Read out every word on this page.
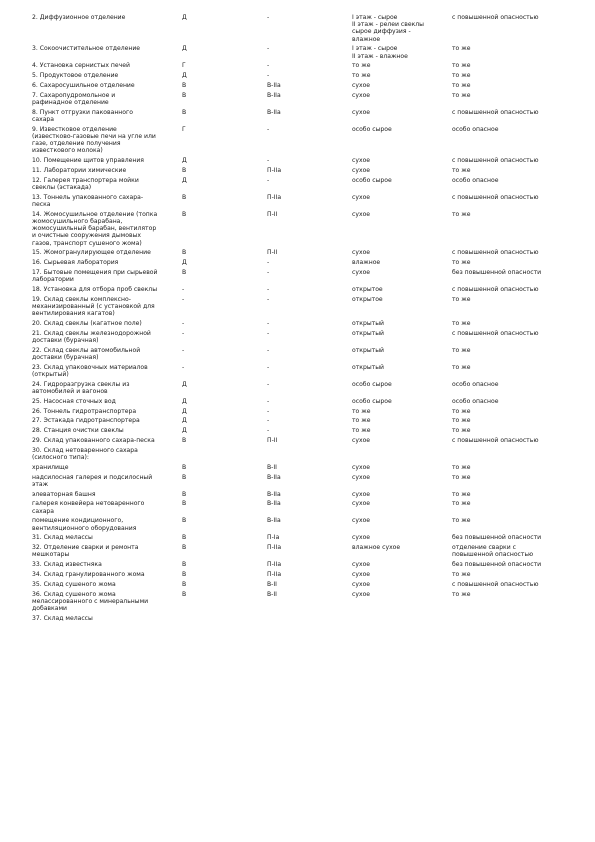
2. Диффузионное отделение	Д	-	I этаж - сырое
II этаж - релеи свеклы
сырое диффузия -
влажное	с повышенной опасностью

3. Сокоочистительное отделение	Д	-	I этаж - сырое
II этаж - влажное	то же

4. Установка сернистых печей	Г	-	то же	то же

5. Продуктовое отделение	Д	-	то же	то же

6. Сахаросушильное отделение	В	В-IIа	сухое	то же

7. Сахаропудромольное и
рафинадное отделение	В	В-IIа	сухое	то же

8. Пункт отгрузки пакованного
сахара	В	В-IIа	сухое	с повышенной опасностью

9. Известковое отделение
(известково-газовые печи на угле или
газе, отделение получения
известкового молока)	Г	-	особо сырое	особо опасное

10. Помещение щитов управления	Д	-	сухое	с повышенной опасностью

11. Лаборатории химические	В	П-IIа	сухое	то же

12. Галерея транспортера мойки
свеклы (эстакада)	Д	-	особо сырое	особо опасное

13. Тоннель упакованного сахара-
песка	В	П-IIа	сухое	с повышенной опасностью

14. Жомосушильное отделение (топка
жомосушильного барабана,
жомосушильный барабан, вентилятор
и очистные сооружения дымовых
газов, транспорт сушеного жома)	В	П-II	сухое	то же

15. Жомогранулирующее отделение	В	П-II	сухое	с повышенной опасностью

16. Сырьевая лаборатория	Д	-	влажное	то же

17. Бытовые помещения при сырьевой
лаборатории	В	-	сухое	без повышенной опасности

18. Установка для отбора проб свеклы	-	-	открытое	с повышенной опасностью

19. Склад свеклы комплексно-
механизированный (с установкой для
вентилирования кагатов)	-	-	открытое	то же

20. Склад свеклы (кагатное поле)	-	-	открытый	то же

21. Склад свеклы железнодорожной
доставки (бурачная)	-	-	открытый	с повышенной опасностью

22. Склад свеклы автомобильной
доставки (бурачная)	-	-	открытый	то же

23. Склад упаковочных материалов
(открытый)	-	-	открытый	то же

24. Гидроразгрузка свеклы из
автомобилей и вагонов	Д	-	особо сырое	особо опасное

25. Насосная сточных вод	Д	-	особо сырое	особо опасное

26. Тоннель гидротранспортера	Д	-	то же	то же

27. Эстакада гидротранспортера	Д	-	то же	то же

28. Станция очистки свеклы	Д	-	то же	то же

29. Склад упакованного сахара-песка	В	П-II	сухое	с повышенной опасностью

30. Склад нетоваренного сахара
(силосного типа):				

хранилище	В	В-II	сухое	то же

надсилосная галерея и подсилосный
этаж	В	В-IIа	сухое	то же

элеваторная башня	В	В-IIа	сухое	то же

галерея конвейера нетоваренного
сахара	В	В-IIа	сухое	то же

помещение кондиционного,
вентиляционного оборудования	В	В-IIа	сухое	то же

31. Склад мелассы	В	П-Iа	сухое	без повышенной опасности

32. Отделение сварки и ремонта
мешкотары	В	П-IIа	влажное сухое	отделение сварки с
повышенной опасностью

33. Склад известняка	В	П-IIа	сухое	без повышенной опасности

34. Склад гранулированного жома	В	П-IIа	сухое	то же

35. Склад сушеного жома	В	В-II	сухое	с повышенной опасностью

36. Склад сушеного жома
мелассированного с минеральными
добавками	В	В-II	сухое	то же

37. Склад мелассы				
